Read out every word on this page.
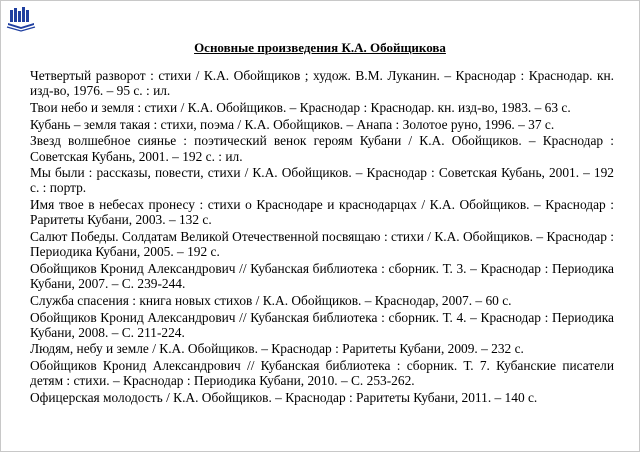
Основные произведения К.А. Обойщикова
Четвертый разворот : стихи / К.А. Обойщиков ; худож. В.М. Луканин. – Краснодар : Краснодар. кн. изд-во, 1976. – 95 с. : ил.
Твои небо и земля : стихи / К.А. Обойщиков. – Краснодар : Краснодар. кн. изд-во, 1983. – 63 с.
Кубань – земля такая : стихи, поэма / К.А. Обойщиков. – Анапа : Золотое руно, 1996. – 37 с.
Звезд волшебное сиянье : поэтический венок героям Кубани / К.А. Обойщиков. – Краснодар : Советская Кубань, 2001. – 192 с. : ил.
Мы были : рассказы, повести, стихи / К.А. Обойщиков. – Краснодар : Советская Кубань, 2001. – 192 с. : портр.
Имя твое в небесах пронесу : стихи о Краснодаре и краснодарцах / К.А. Обойщиков. – Краснодар : Раритеты Кубани, 2003. – 132 с.
Салют Победы. Солдатам Великой Отечественной посвящаю : стихи / К.А. Обойщиков. – Краснодар : Периодика Кубани, 2005. – 192 с.
Обойщиков Кронид Александрович // Кубанская библиотека : сборник. Т. 3. – Краснодар : Периодика Кубани, 2007. – С. 239-244.
Служба спасения : книга новых стихов / К.А. Обойщиков. – Краснодар, 2007. – 60 с.
Обойщиков Кронид Александрович // Кубанская библиотека : сборник. Т. 4. – Краснодар : Периодика Кубани, 2008. – С. 211-224.
Людям, небу и земле / К.А. Обойщиков. – Краснодар : Раритеты Кубани, 2009. – 232 с.
Обойщиков Кронид Александрович // Кубанская библиотека : сборник. Т. 7. Кубанские писатели детям : стихи. – Краснодар : Периодика Кубани, 2010. – С. 253-262.
Офицерская молодость / К.А. Обойщиков. – Краснодар : Раритеты Кубани, 2011. – 140 с.
